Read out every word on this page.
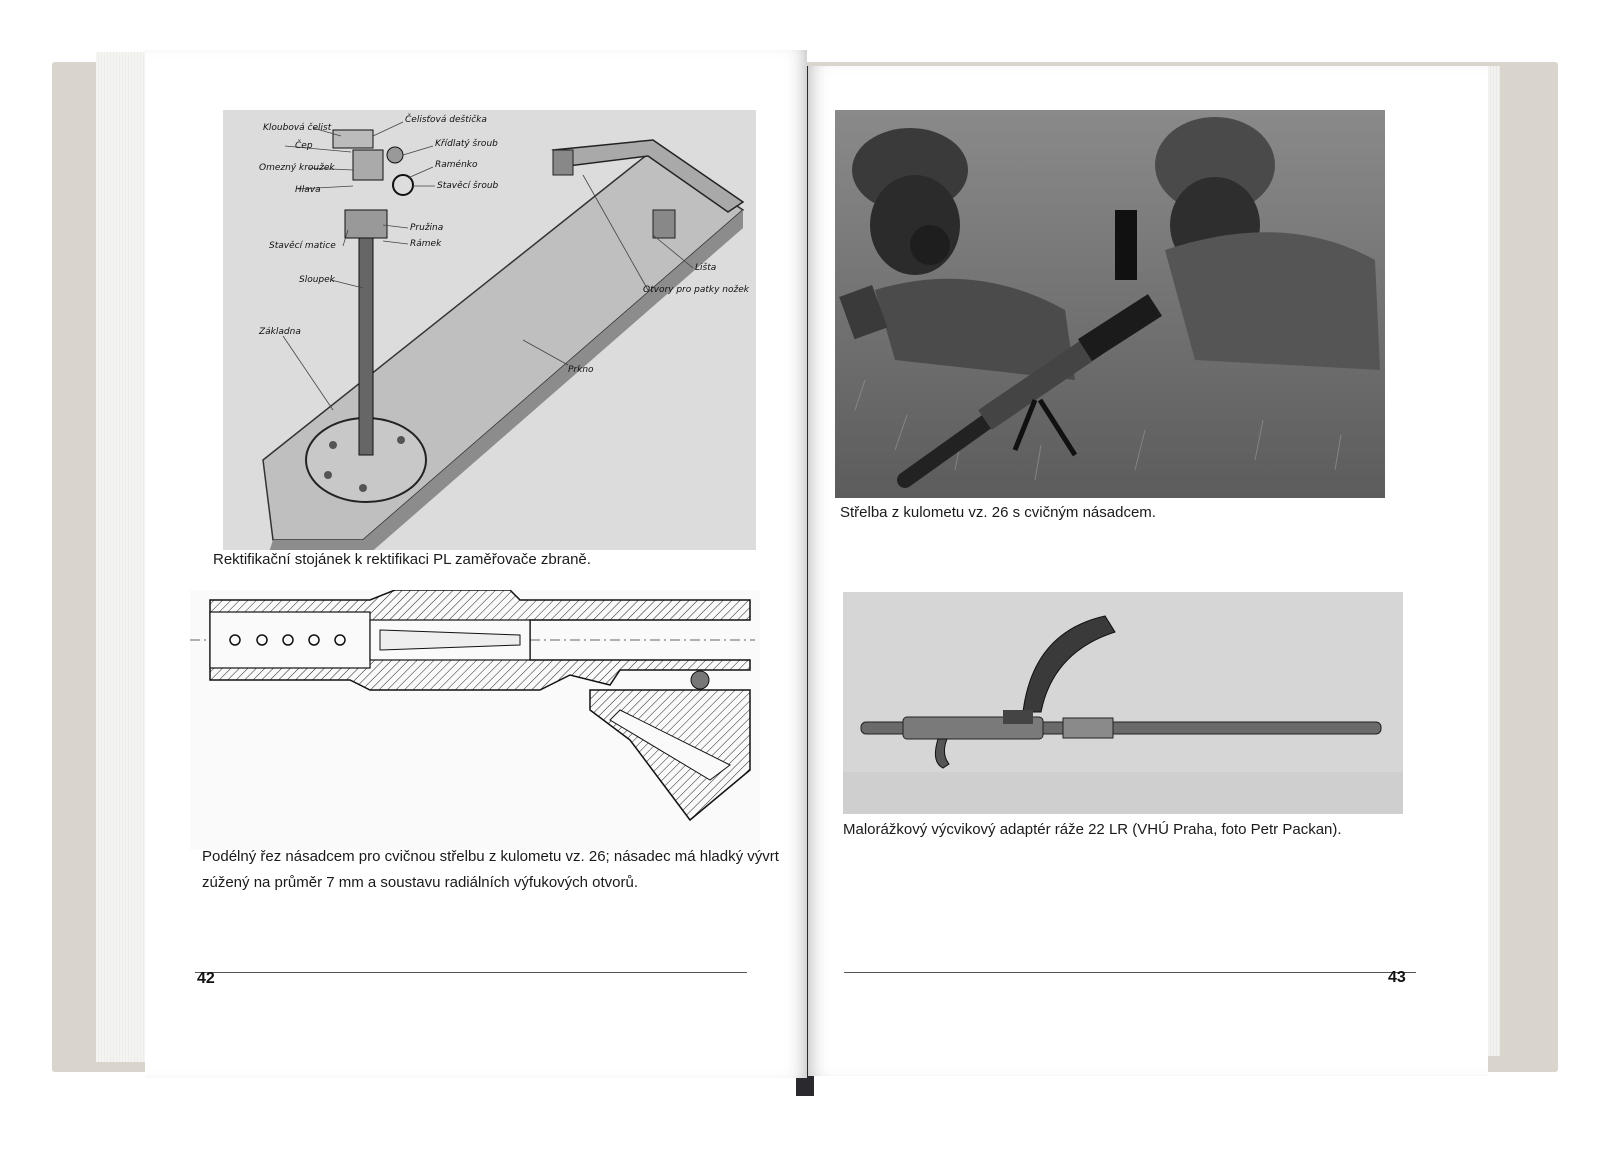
Kloubová čelist
Čelisťová deštička
Čep	Křídlatý šroub
Omezný kroužek	Raménko
Hlava	Stavěcí šroub
Pružina
Stavěcí matice	Rámek
Lišta
Sloupek
Otvory pro patky nožek
Základna
Prkno

Rektifikační stojánek k rektifikaci PL zaměřovače zbraně.

Podélný řez násadcem pro cvičnou střelbu z kulometu vz. 26; násadec má hladký vývrt

zúžený na průměr 7 mm a soustavu radiálních výfukových otvorů.

42

Střelba z kulometu vz. 26 s cvičným násadcem.

Malorážkový výcvikový adaptér ráže 22 LR (VHÚ Praha, foto Petr Packan).

43
